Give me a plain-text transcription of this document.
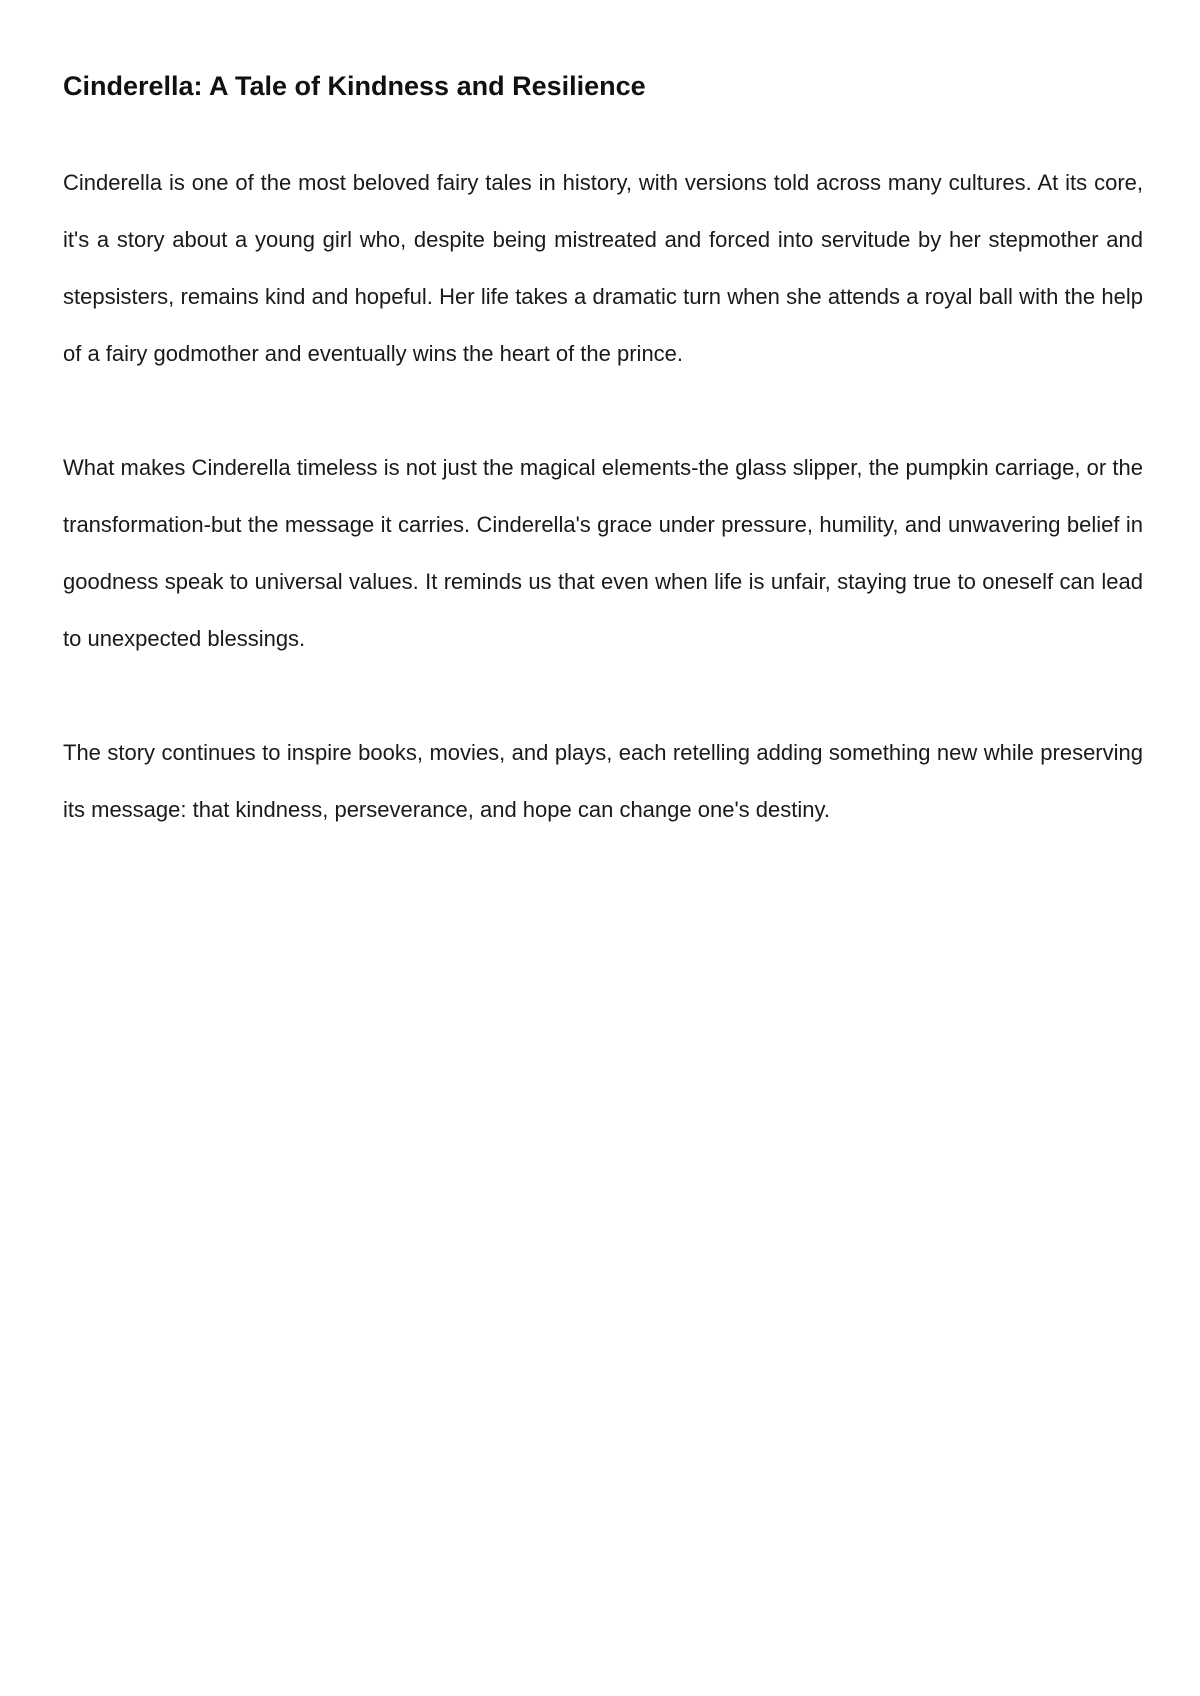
Cinderella: A Tale of Kindness and Resilience

Cinderella is one of the most beloved fairy tales in history, with versions told across many cultures. At its core, it's a story about a young girl who, despite being mistreated and forced into servitude by her stepmother and stepsisters, remains kind and hopeful. Her life takes a dramatic turn when she attends a royal ball with the help of a fairy godmother and eventually wins the heart of the prince.

What makes Cinderella timeless is not just the magical elements-the glass slipper, the pumpkin carriage, or the transformation-but the message it carries. Cinderella's grace under pressure, humility, and unwavering belief in goodness speak to universal values. It reminds us that even when life is unfair, staying true to oneself can lead to unexpected blessings.

The story continues to inspire books, movies, and plays, each retelling adding something new while preserving its message: that kindness, perseverance, and hope can change one's destiny.
